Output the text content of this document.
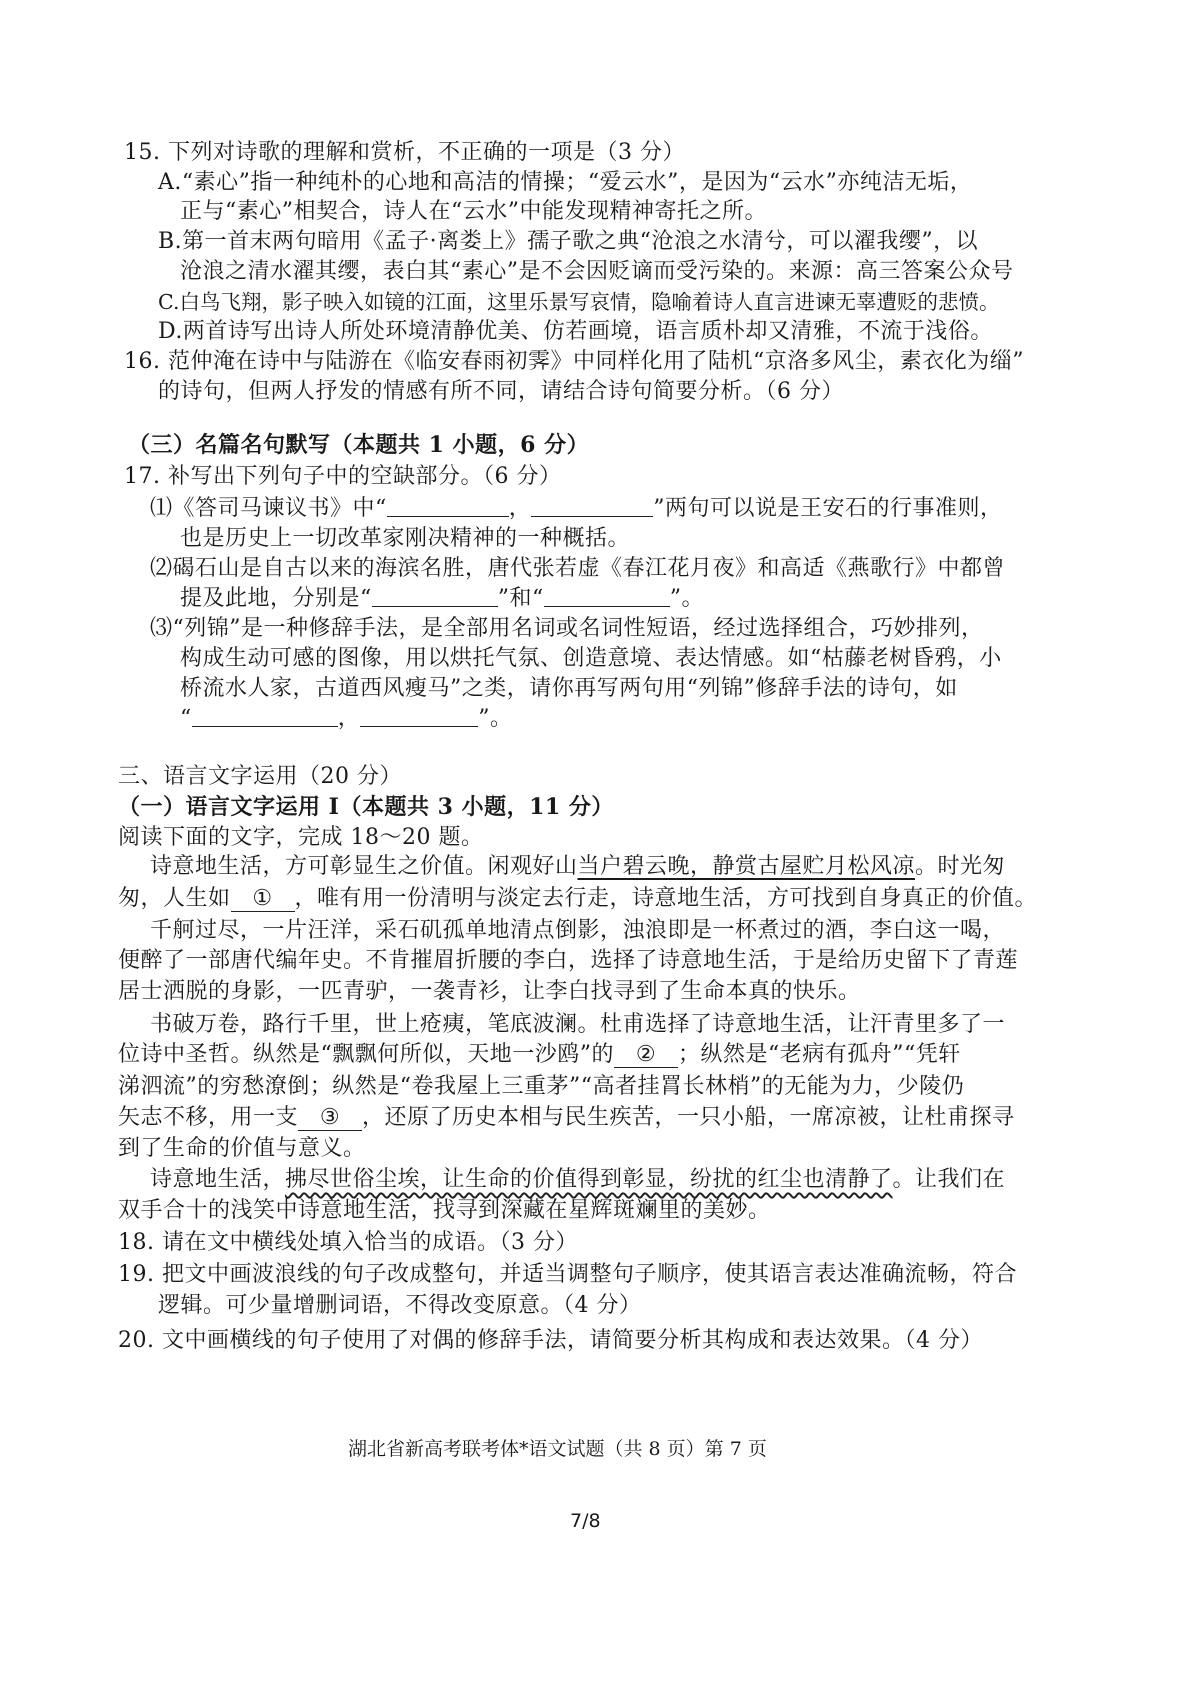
15. 下列对诗歌的理解和赏析，不正确的一项是（3 分）
A.“素心”指一种纯朴的心地和高洁的情操；“爱云水”，是因为“云水”亦纯洁无垢，
正与“素心”相契合，诗人在“云水”中能发现精神寄托之所。
B.第一首末两句暗用《孟子·离娄上》孺子歌之典“沧浪之水清兮，可以濯我缨”，以
沧浪之清水濯其缨，表白其“素心”是不会因贬谪而受污染的。来源：高三答案公众号
C.白鸟飞翔，影子映入如镜的江面，这里乐景写哀情，隐喻着诗人直言进谏无辜遭贬的悲愤。
D.两首诗写出诗人所处环境清静优美、仿若画境，语言质朴却又清雅，不流于浅俗。
16. 范仲淹在诗中与陆游在《临安春雨初霁》中同样化用了陆机“京洛多风尘，素衣化为缁”
的诗句，但两人抒发的情感有所不同，请结合诗句简要分析。（6 分）
（三）名篇名句默写（本题共 1 小题，6 分）
17. 补写出下列句子中的空缺部分。（6 分）
⑴《答司马谏议书》中“	，	”两句可以说是王安石的行事准则，
也是历史上一切改革家刚决精神的一种概括。
⑵碣石山是自古以来的海滨名胜，唐代张若虚《春江花月夜》和高适《燕歌行》中都曾
提及此地，分别是“	”和“	”。
⑶“列锦”是一种修辞手法，是全部用名词或名词性短语，经过选择组合，巧妙排列，
构成生动可感的图像，用以烘托气氛、创造意境、表达情感。如“枯藤老树昏鸦，小
桥流水人家，古道西风瘦马”之类，请你再写两句用“列锦”修辞手法的诗句，如
“	，	”。
三、语言文字运用（20 分）
（一）语言文字运用 I（本题共 3 小题，11 分）
阅读下面的文字，完成 18～20 题。
诗意地生活，方可彰显生之价值。闲观好山当户碧云晚，静赏古屋贮月松风凉。时光匆
匆，人生如 ① ，唯有用一份清明与淡定去行走，诗意地生活，方可找到自身真正的价值。
千舸过尽，一片汪洋，采石矶孤单地清点倒影，浊浪即是一杯煮过的酒，李白这一喝，
便醉了一部唐代编年史。不肯摧眉折腰的李白，选择了诗意地生活，于是给历史留下了青莲
居士洒脱的身影，一匹青驴，一袭青衫，让李白找寻到了生命本真的快乐。
书破万卷，路行千里，世上疮痍，笔底波澜。杜甫选择了诗意地生活，让汗青里多了一
位诗中圣哲。纵然是“飘飘何所似，天地一沙鸥”的 ② ；纵然是“老病有孤舟”“凭轩
涕泗流”的穷愁潦倒；纵然是“卷我屋上三重茅”“高者挂罥长林梢”的无能为力，少陵仍
矢志不移，用一支 ③ ，还原了历史本相与民生疾苦，一只小船，一席凉被，让杜甫探寻
到了生命的价值与意义。
诗意地生活，拂尽世俗尘埃，让生命的价值得到彰显，纷扰的红尘也清静了。让我们在
双手合十的浅笑中诗意地生活，找寻到深藏在星辉斑斓里的美妙。
18. 请在文中横线处填入恰当的成语。（3 分）
19. 把文中画波浪线的句子改成整句，并适当调整句子顺序，使其语言表达准确流畅，符合
逻辑。可少量增删词语，不得改变原意。（4 分）
20. 文中画横线的句子使用了对偶的修辞手法，请简要分析其构成和表达效果。（4 分）
湖北省新高考联考体*语文试题（共 8 页）第 7 页
7/8
